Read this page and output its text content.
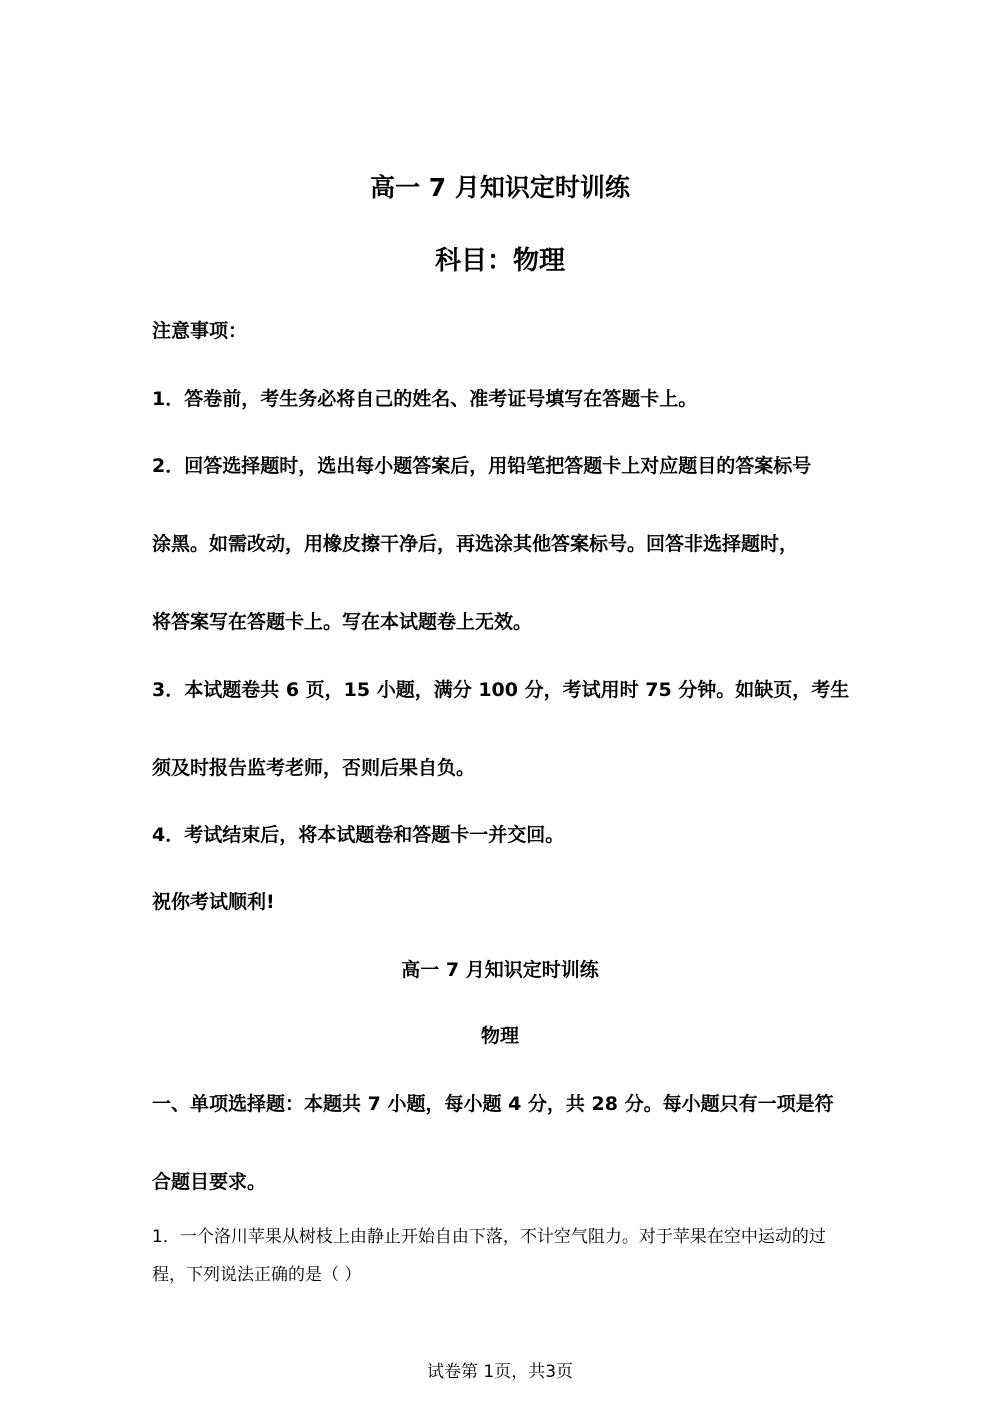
高一 7 月知识定时训练
科目：物理
注意事项：
1．答卷前，考生务必将自己的姓名、准考证号填写在答题卡上。
2．回答选择题时，选出每小题答案后，用铅笔把答题卡上对应题目的答案标号
涂黑。如需改动，用橡皮擦干净后，再选涂其他答案标号。回答非选择题时，
将答案写在答题卡上。写在本试题卷上无效。
3．本试题卷共 6 页，15 小题，满分 100 分，考试用时 75 分钟。如缺页，考生
须及时报告监考老师，否则后果自负。
4．考试结束后，将本试题卷和答题卡一并交回。
祝你考试顺利!
高一 7 月知识定时训练
物理
一、单项选择题：本题共 7 小题，每小题 4 分，共 28 分。每小题只有一项是符
合题目要求。
1．一个洛川苹果从树枝上由静止开始自由下落，不计空气阻力。对于苹果在空中运动的过
程，下列说法正确的是（ ）
试卷第 1页，共3页
